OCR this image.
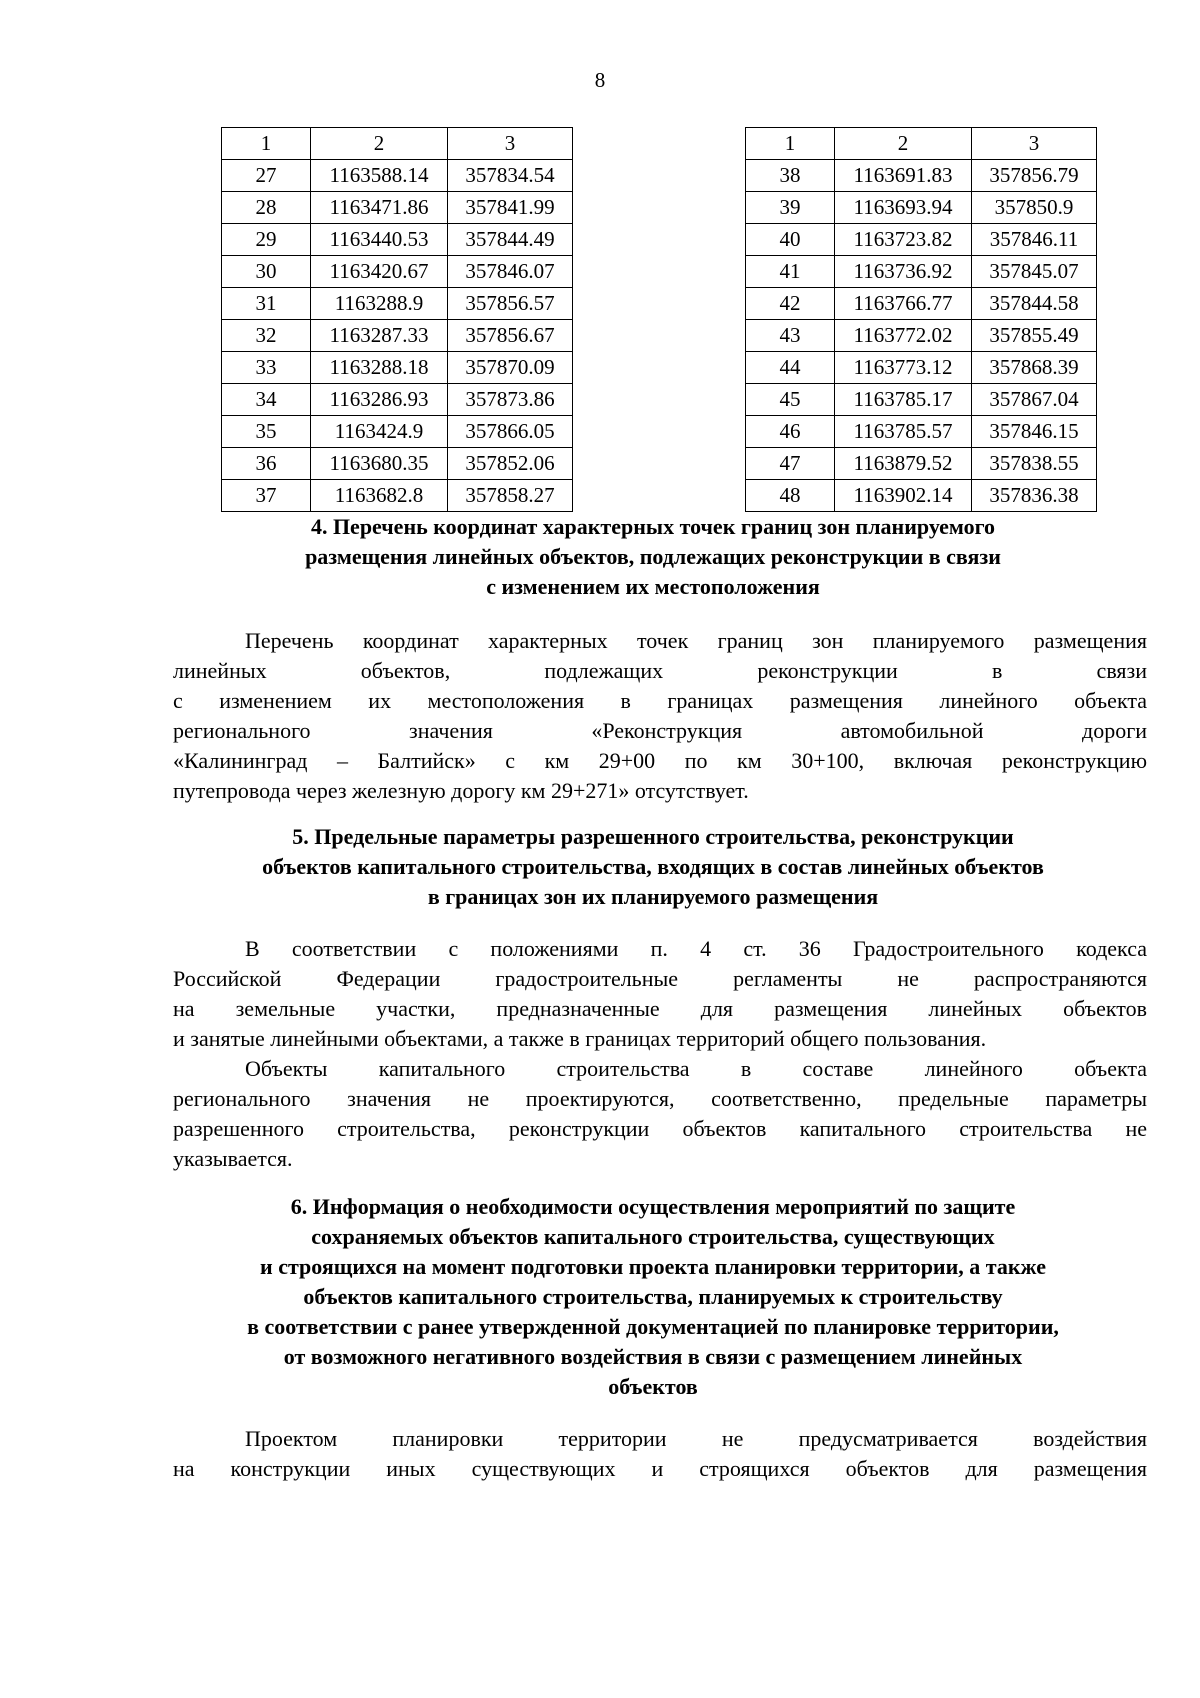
8
1	2	3
27	1163588.14	357834.54
28	1163471.86	357841.99
29	1163440.53	357844.49
30	1163420.67	357846.07
31	1163288.9	357856.57
32	1163287.33	357856.67
33	1163288.18	357870.09
34	1163286.93	357873.86
35	1163424.9	357866.05
36	1163680.35	357852.06
37	1163682.8	357858.27
1	2	3
38	1163691.83	357856.79
39	1163693.94	357850.9
40	1163723.82	357846.11
41	1163736.92	357845.07
42	1163766.77	357844.58
43	1163772.02	357855.49
44	1163773.12	357868.39
45	1163785.17	357867.04
46	1163785.57	357846.15
47	1163879.52	357838.55
48	1163902.14	357836.38
4. Перечень координат характерных точек границ зон планируемого
размещения линейных объектов, подлежащих реконструкции в связи
с изменением их местоположения
Перечень координат характерных точек границ зон планируемого размещения
линейных объектов, подлежащих реконструкции в связи
с изменением их местоположения в границах размещения линейного объекта
регионального значения «Реконструкция автомобильной дороги
«Калининград – Балтийск» с км 29+00 по км 30+100, включая реконструкцию
путепровода через железную дорогу км 29+271» отсутствует.
5. Предельные параметры разрешенного строительства, реконструкции
объектов капитального строительства, входящих в состав линейных объектов
в границах зон их планируемого размещения
В соответствии с положениями п. 4 ст. 36 Градостроительного кодекса
Российской Федерации градостроительные регламенты не распространяются
на земельные участки, предназначенные для размещения линейных объектов
и занятые линейными объектами, а также в границах территорий общего пользования.
Объекты капитального строительства в составе линейного объекта
регионального значения не проектируются, соответственно, предельные параметры
разрешенного строительства, реконструкции объектов капитального строительства не
указывается.
6. Информация о необходимости осуществления мероприятий по защите
сохраняемых объектов капитального строительства, существующих
и строящихся на момент подготовки проекта планировки территории, а также
объектов капитального строительства, планируемых к строительству
в соответствии с ранее утвержденной документацией по планировке территории,
от возможного негативного воздействия в связи с размещением линейных
объектов
Проектом планировки территории не предусматривается воздействия
на конструкции иных существующих и строящихся объектов для размещения
